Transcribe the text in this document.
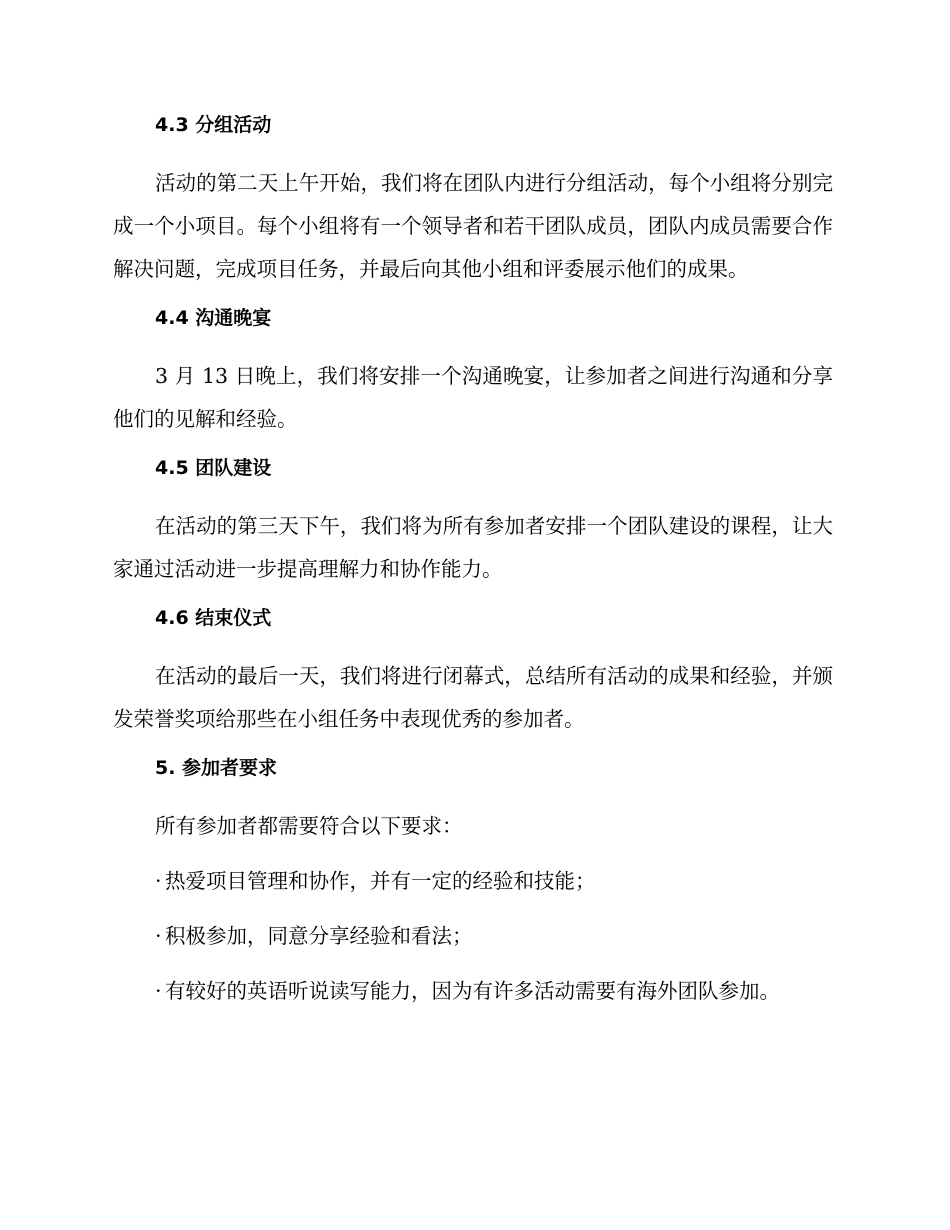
4.3 分组活动

活动的第二天上午开始，我们将在团队内进行分组活动，每个小组将分别完成一个小项目。每个小组将有一个领导者和若干团队成员，团队内成员需要合作解决问题，完成项目任务，并最后向其他小组和评委展示他们的成果。

4.4 沟通晚宴

3 月 13 日晚上，我们将安排一个沟通晚宴，让参加者之间进行沟通和分享他们的见解和经验。

4.5 团队建设

在活动的第三天下午，我们将为所有参加者安排一个团队建设的课程，让大家通过活动进一步提高理解力和协作能力。

4.6 结束仪式

在活动的最后一天，我们将进行闭幕式，总结所有活动的成果和经验，并颁发荣誉奖项给那些在小组任务中表现优秀的参加者。

5. 参加者要求

所有参加者都需要符合以下要求：

· 热爱项目管理和协作，并有一定的经验和技能；
· 积极参加，同意分享经验和看法；
· 有较好的英语听说读写能力，因为有许多活动需要有海外团队参加。
